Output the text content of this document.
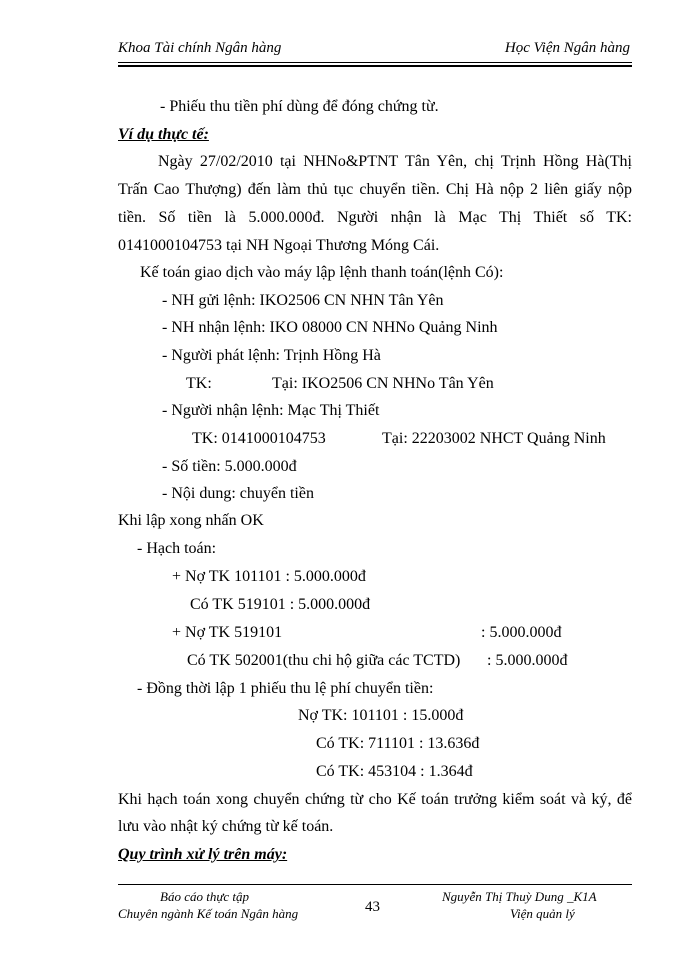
Khoa Tài chính Ngân hàng	Học Viện Ngân hàng
- Phiếu thu tiền phí dùng để đóng chứng từ.
Ví dụ thực tế:
Ngày 27/02/2010 tại NHNo&PTNT Tân Yên, chị Trịnh Hồng Hà(Thị
Trấn Cao Thượng) đến làm thủ tục chuyển tiền. Chị Hà nộp 2 liên giấy nộp
tiền. Số tiền là 5.000.000đ. Người nhận là Mạc Thị Thiết số TK:
0141000104753 tại NH Ngoại Thương Móng Cái.
Kế toán giao dịch vào máy lập lệnh thanh toán(lệnh Có):
- NH gửi lệnh: IKO2506 CN NHN Tân Yên
- NH nhận lệnh: IKO 08000 CN NHNo Quảng Ninh
- Người phát lệnh: Trịnh Hồng Hà
TK:	Tại: IKO2506 CN NHNo Tân Yên
- Người nhận lệnh: Mạc Thị Thiết
TK: 0141000104753	Tại: 22203002 NHCT Quảng Ninh
- Số tiền: 5.000.000đ
- Nội dung: chuyển tiền
Khi lập xong nhấn OK
- Hạch toán:
+ Nợ TK 101101 : 5.000.000đ
Có TK 519101 : 5.000.000đ
+ Nợ TK 519101	: 5.000.000đ
Có TK 502001(thu chi hộ giữa các TCTD) : 5.000.000đ
- Đồng thời lập 1 phiếu thu lệ phí chuyển tiền:
Nợ TK: 101101 : 15.000đ
Có TK: 711101 : 13.636đ
Có TK: 453104 : 1.364đ
Khi hạch toán xong chuyển chứng từ cho Kế toán trưởng kiểm soát và ký, để
lưu vào nhật ký chứng từ kế toán.
Quy trình xử lý trên máy:
Báo cáo thực tập
Chuyên ngành Kế toán Ngân hàng	43
Nguyễn Thị Thuỳ Dung _K1A
Viện quản lý
